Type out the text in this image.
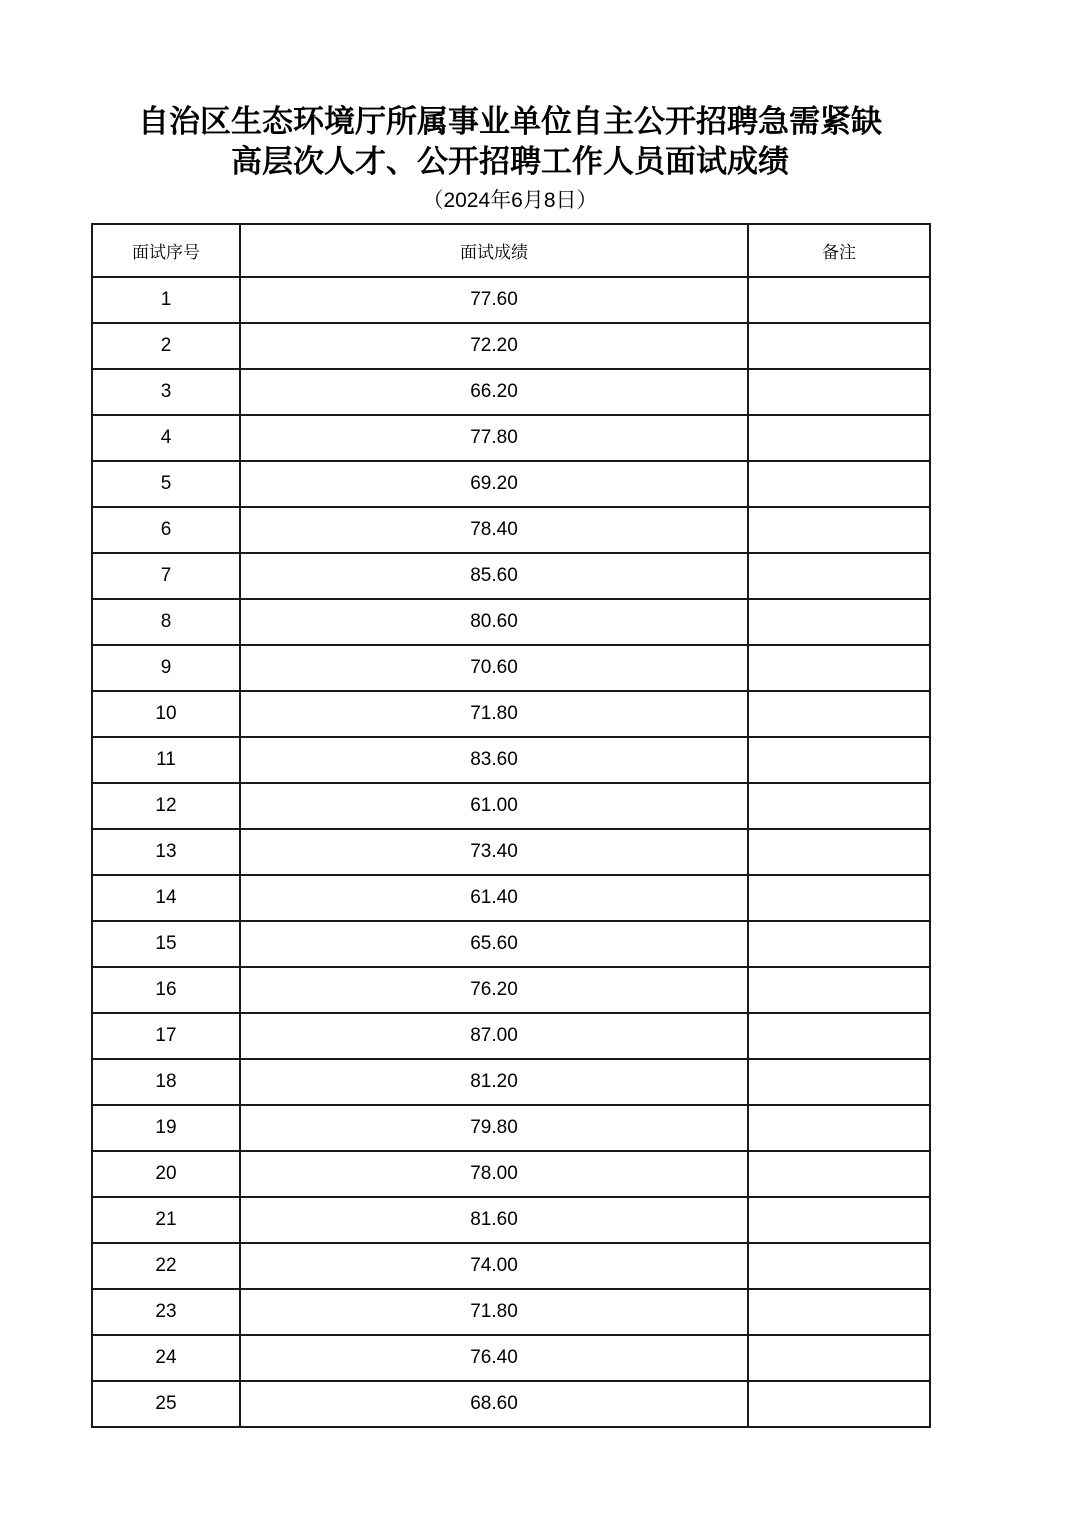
自治区生态环境厅所属事业单位自主公开招聘急需紧缺
高层次人才、公开招聘工作人员面试成绩
（2024年6月8日）
面试序号	面试成绩	备注
1	77.60	
2	72.20	
3	66.20	
4	77.80	
5	69.20	
6	78.40	
7	85.60	
8	80.60	
9	70.60	
10	71.80	
11	83.60	
12	61.00	
13	73.40	
14	61.40	
15	65.60	
16	76.20	
17	87.00	
18	81.20	
19	79.80	
20	78.00	
21	81.60	
22	74.00	
23	71.80	
24	76.40	
25	68.60	
